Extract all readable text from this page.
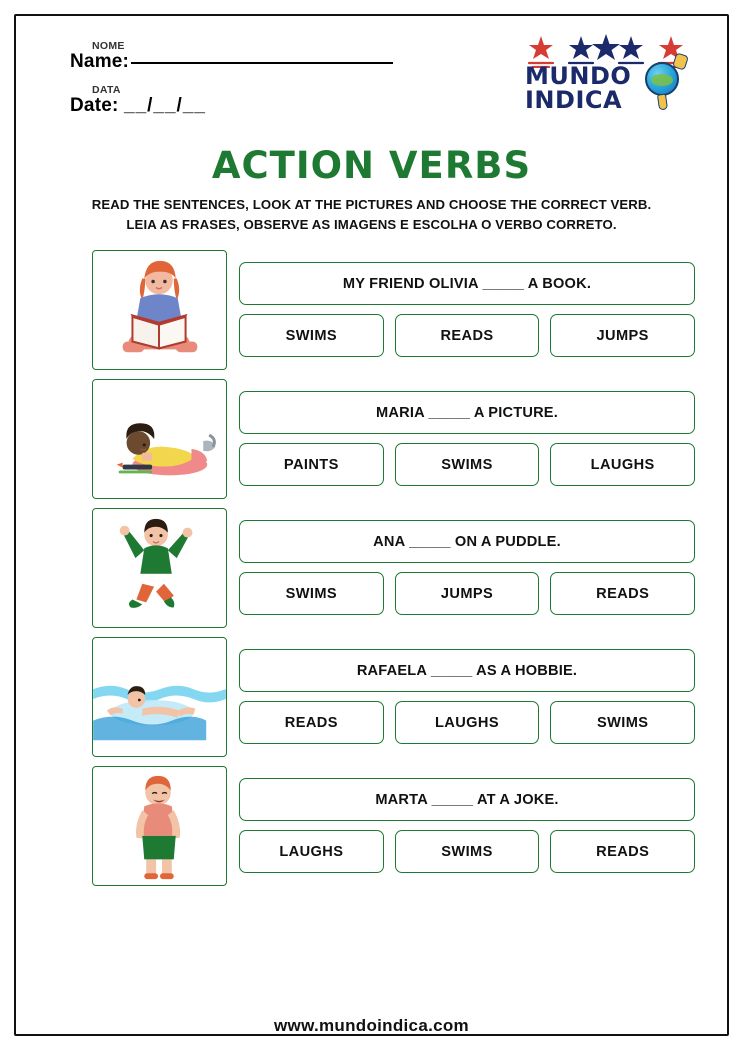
NOME
Name:
DATA
Date: __/__/__
MUNDO
INDICA
ACTION VERBS
READ THE SENTENCES, LOOK AT THE PICTURES AND CHOOSE THE CORRECT VERB.
LEIA AS FRASES, OBSERVE AS IMAGENS E ESCOLHA O VERBO CORRETO.
MY FRIEND OLIVIA _____ A BOOK.
SWIMS	READS	JUMPS
MARIA _____ A PICTURE.
PAINTS	SWIMS	LAUGHS
ANA _____ ON A PUDDLE.
SWIMS	JUMPS	READS
RAFAELA _____ AS A HOBBIE.
READS	LAUGHS	SWIMS
MARTA _____ AT A JOKE.
LAUGHS	SWIMS	READS
www.mundoindica.com
